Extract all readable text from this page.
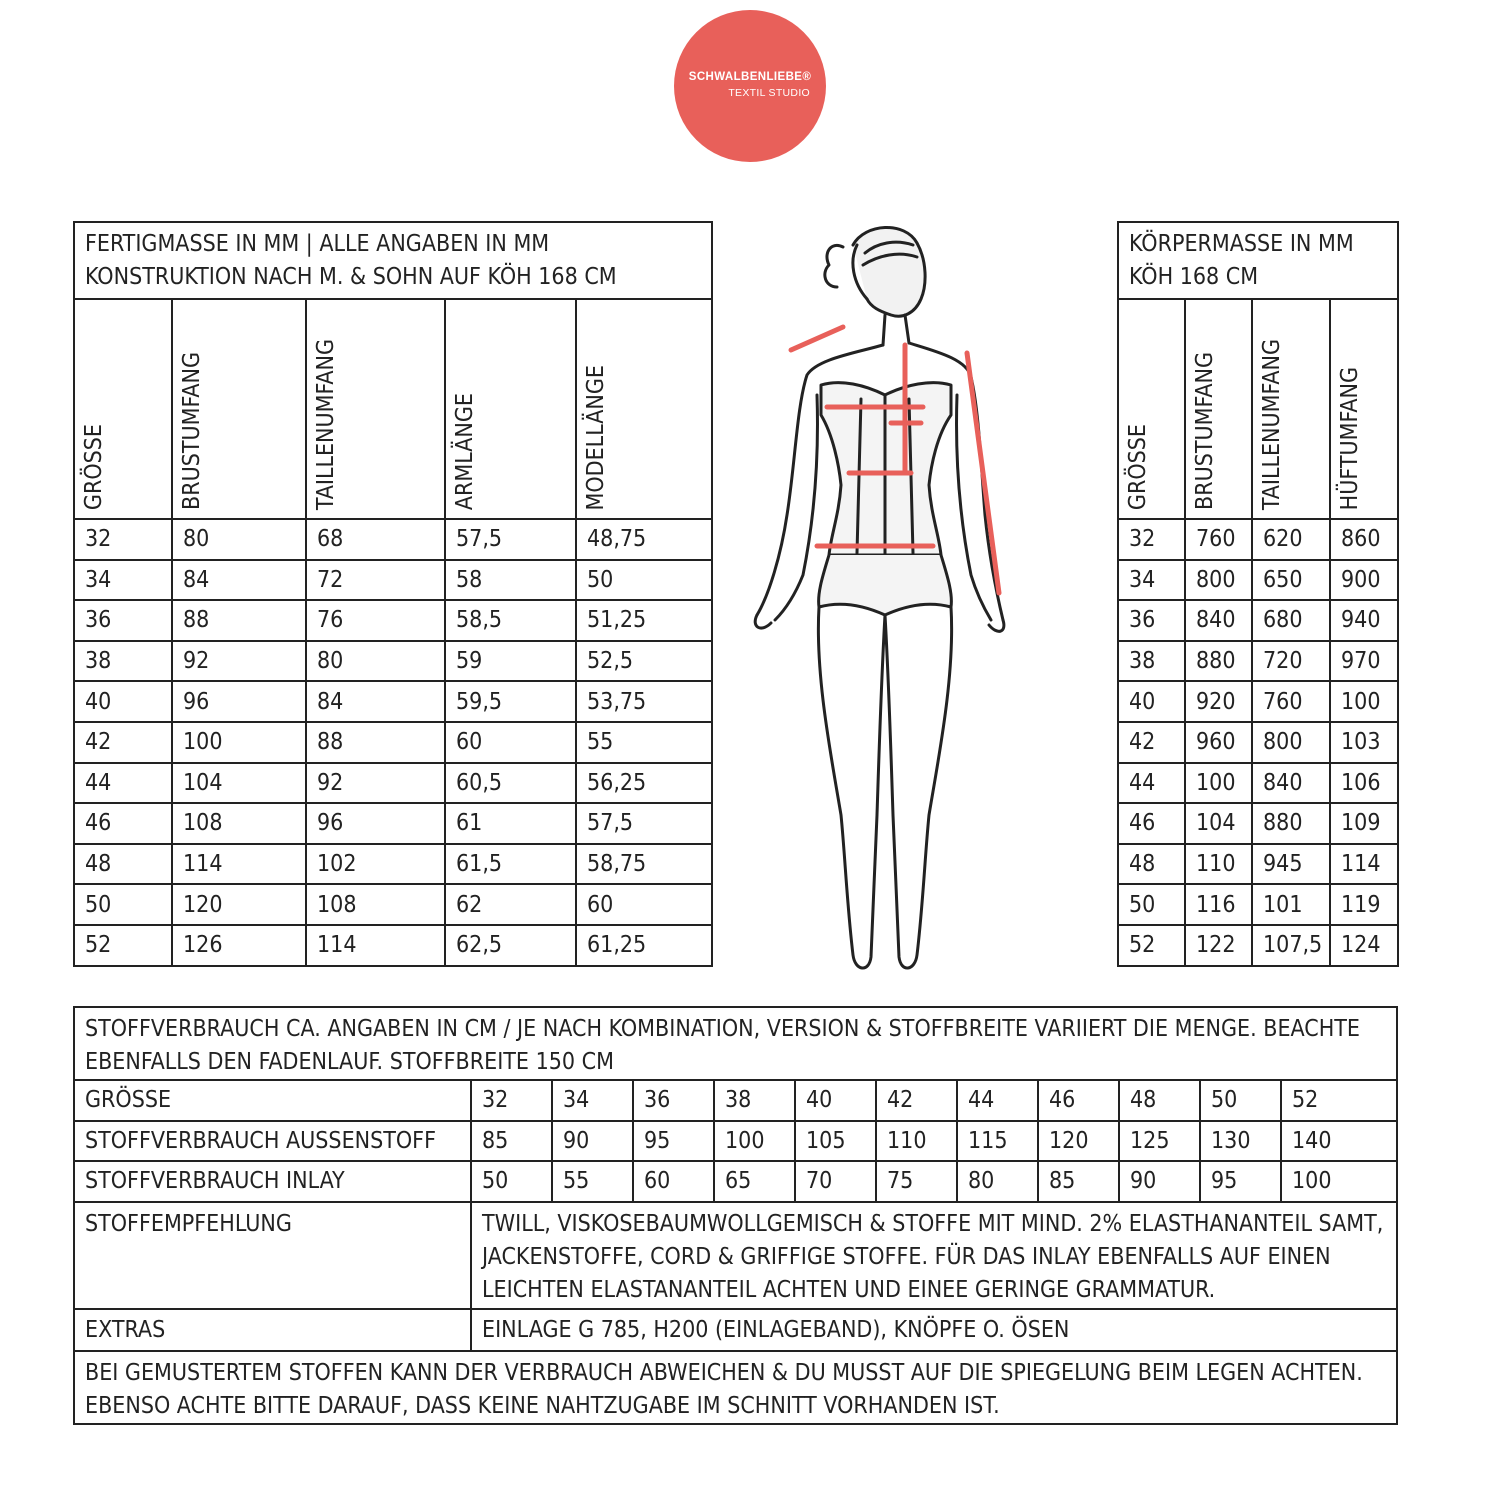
SCHWALBENLIEBE®
TEXTIL STUDIO
FERTIGMASSE IN MM | ALLE ANGABEN IN MM
KONSTRUKTION NACH M. & SOHN AUF KÖH 168 CM				

GRÖSSE	BRUSTUMFANG	TAILLENUMFANG	ARMLÄNGE	MODELLÄNGE

32	80	68	57,5	48,75
34	84	72	58	50
36	88	76	58,5	51,25
38	92	80	59	52,5
40	96	84	59,5	53,75
42	100	88	60	55
44	104	92	60,5	56,25
46	108	96	61	57,5
48	114	102	61,5	58,75
50	120	108	62	60
52	126	114	62,5	61,25
KÖRPERMASSE IN MM
KÖH 168 CM			

GRÖSSE	BRUSTUMFANG	TAILLENUMFANG	HÜFTUMFANG

32	760	620	860
34	800	650	900
36	840	680	940
38	880	720	970
40	920	760	100
42	960	800	103
44	100	840	106
46	104	880	109
48	110	945	114
50	116	101	119
52	122	107,5	124
STOFFVERBRAUCH CA. ANGABEN IN CM / JE NACH KOMBINATION, VERSION & STOFFBREITE VARIIERT DIE MENGE. BEACHTE EBENFALLS DEN FADENLAUF. STOFFBREITE 150 CM											
GRÖSSE	32	34	36	38	40	42	44	46	48	50	52
STOFFVERBRAUCH AUSSENSTOFF	85	90	95	100	105	110	115	120	125	130	140
STOFFVERBRAUCH INLAY	50	55	60	65	70	75	80	85	90	95	100
STOFFEMPFEHLUNG	TWILL, VISKOSEBAUMWOLLGEMISCH & STOFFE MIT MIND. 2% ELASTHANANTEIL SAMT, JACKENSTOFFE, CORD & GRIFFIGE STOFFE. FÜR DAS INLAY EBENFALLS AUF EINEN LEICHTEN ELASTANANTEIL ACHTEN UND EINEE GERINGE GRAMMATUR.										
EXTRAS	EINLAGE G 785, H200 (EINLAGEBAND), KNÖPFE O. ÖSEN										
BEI GEMUSTERTEM STOFFEN KANN DER VERBRAUCH ABWEICHEN & DU MUSST AUF DIE SPIEGELUNG BEIM LEGEN ACHTEN. EBENSO ACHTE BITTE DARAUF, DASS KEINE NAHTZUGABE IM SCHNITT VORHANDEN IST.											
